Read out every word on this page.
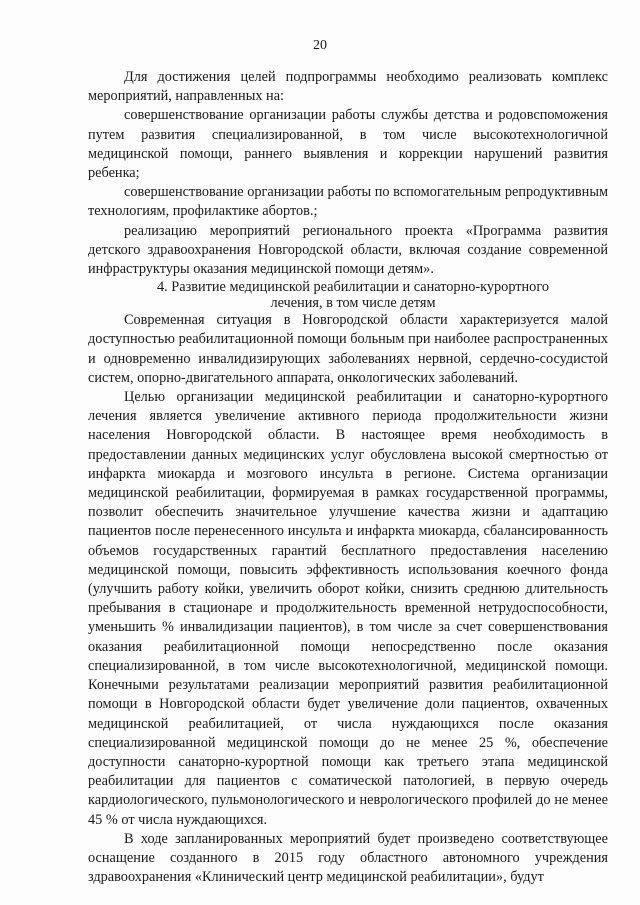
20

Для достижения целей подпрограммы необходимо реализовать комплекс мероприятий, направленных на:

совершенствование организации работы службы детства и родовспоможения путем развития специализированной, в том числе высокотехнологичной медицинской помощи, раннего выявления и коррекции нарушений развития ребенка;

совершенствование организации работы по вспомогательным репродуктивным технологиям, профилактике абортов.;

реализацию мероприятий регионального проекта «Программа развития детского здравоохранения Новгородской области, включая создание современной инфраструктуры оказания медицинской помощи детям».

4. Развитие медицинской реабилитации и санаторно-курортного
лечения, в том числе детям

Современная ситуация в Новгородской области характеризуется малой доступностью реабилитационной помощи больным при наиболее распространенных и одновременно инвалидизирующих заболеваниях нервной, сердечно-сосудистой систем, опорно-двигательного аппарата, онкологических заболеваний.

Целью организации медицинской реабилитации и санаторно-курортного лечения является увеличение активного периода продолжительности жизни населения Новгородской области. В настоящее время необходимость в предоставлении данных медицинских услуг обусловлена высокой смертностью от инфаркта миокарда и мозгового инсульта в регионе. Система организации медицинской реабилитации, формируемая в рамках государственной программы, позволит обеспечить значительное улучшение качества жизни и адаптацию пациентов после перенесенного инсульта и инфаркта миокарда, сбалансированность объемов государственных гарантий бесплатного предоставления населению медицинской помощи, повысить эффективность использования коечного фонда (улучшить работу койки, увеличить оборот койки, снизить среднюю длительность пребывания в стационаре и продолжительность временной нетрудоспособности, уменьшить % инвалидизации пациентов), в том числе за счет совершенствования оказания реабилитационной помощи непосредственно после оказания специализированной, в том числе высокотехнологичной, медицинской помощи. Конечными результатами реализации мероприятий развития реабилитационной помощи в Новгородской области будет увеличение доли пациентов, охваченных медицинской реабилитацией, от числа нуждающихся после оказания специализированной медицинской помощи до не менее 25 %, обеспечение доступности санаторно-курортной помощи как третьего этапа медицинской реабилитации для пациентов с соматической патологией, в первую очередь кардиологического, пульмонологического и неврологического профилей до не менее 45 % от числа нуждающихся.

В ходе запланированных мероприятий будет произведено соответствующее оснащение созданного в 2015 году областного автономного учреждения здравоохранения «Клинический центр медицинской реабилитации», будут
